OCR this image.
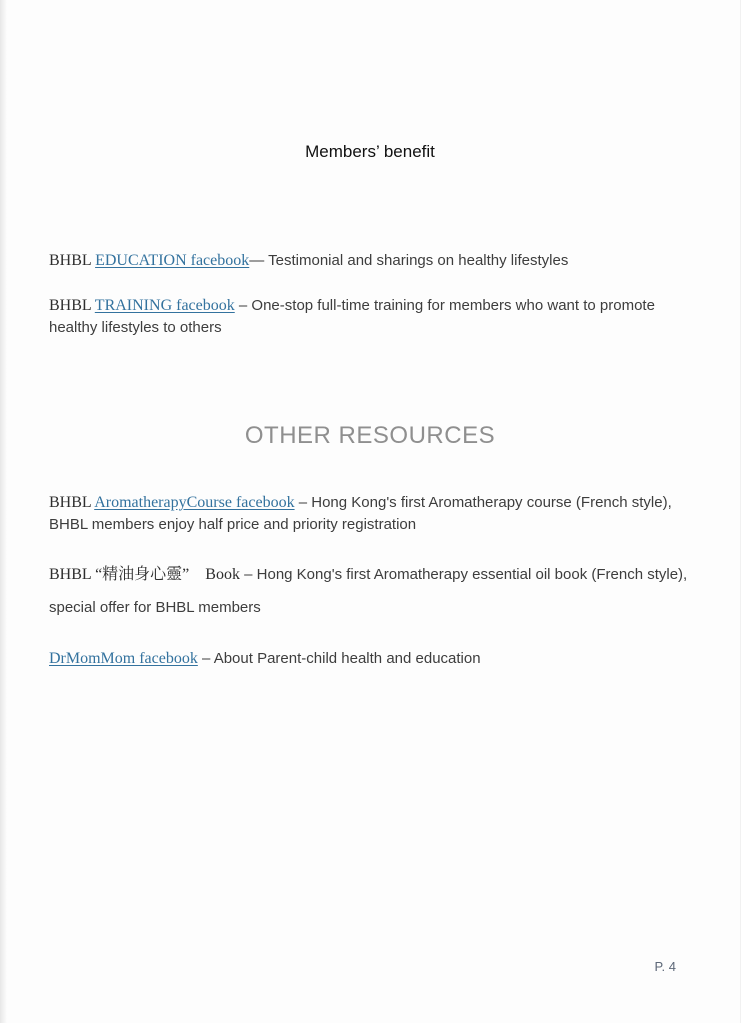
Members’ benefit

BHBL EDUCATION facebook— Testimonial and sharings on healthy lifestyles

BHBL TRAINING facebook – One-stop full-time training for members who want to promote healthy lifestyles to others

OTHER RESOURCES

BHBL AromatherapyCourse facebook – Hong Kong's first Aromatherapy course (French style), BHBL members enjoy half price and priority registration

BHBL “精油身心靈”　Book – Hong Kong's first Aromatherapy essential oil book (French style), special offer for BHBL members

DrMomMom facebook – About Parent-child health and education

P. 4
